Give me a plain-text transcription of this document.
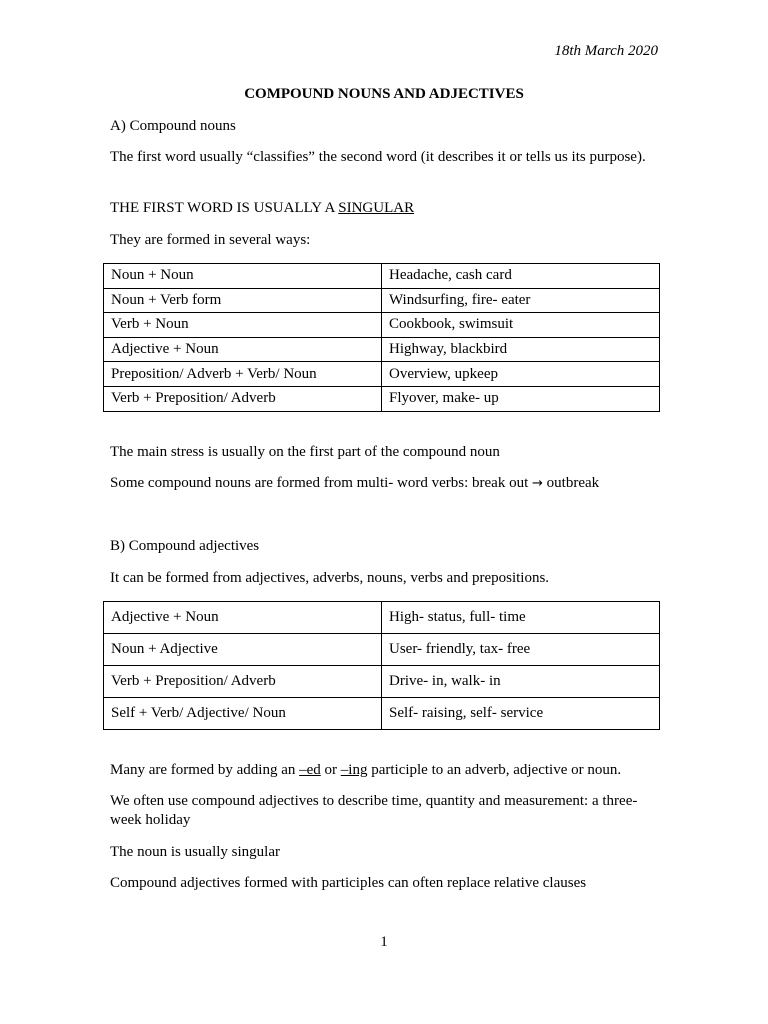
18th March 2020
COMPOUND NOUNS AND ADJECTIVES
A) Compound nouns
The first word usually “classifies” the second word (it describes it or tells us its purpose).
THE FIRST WORD IS USUALLY A SINGULAR
They are formed in several ways:
Noun + Noun	Headache, cash card
Noun + Verb form	Windsurfing, fire- eater
Verb + Noun	Cookbook, swimsuit
Adjective + Noun	Highway, blackbird
Preposition/ Adverb + Verb/ Noun	Overview, upkeep
Verb + Preposition/ Adverb	Flyover, make- up
The main stress is usually on the first part of the compound noun
Some compound nouns are formed from multi- word verbs: break out → outbreak
B) Compound adjectives
It can be formed from adjectives, adverbs, nouns, verbs and prepositions.
Adjective + Noun	High- status, full- time
Noun + Adjective	User- friendly, tax- free
Verb + Preposition/ Adverb	Drive- in, walk- in
Self + Verb/ Adjective/ Noun	Self- raising, self- service
Many are formed by adding an –ed or –ing participle to an adverb, adjective or noun.
We often use compound adjectives to describe time, quantity and measurement: a three- week holiday
The noun is usually singular
Compound adjectives formed with participles can often replace relative clauses
1
